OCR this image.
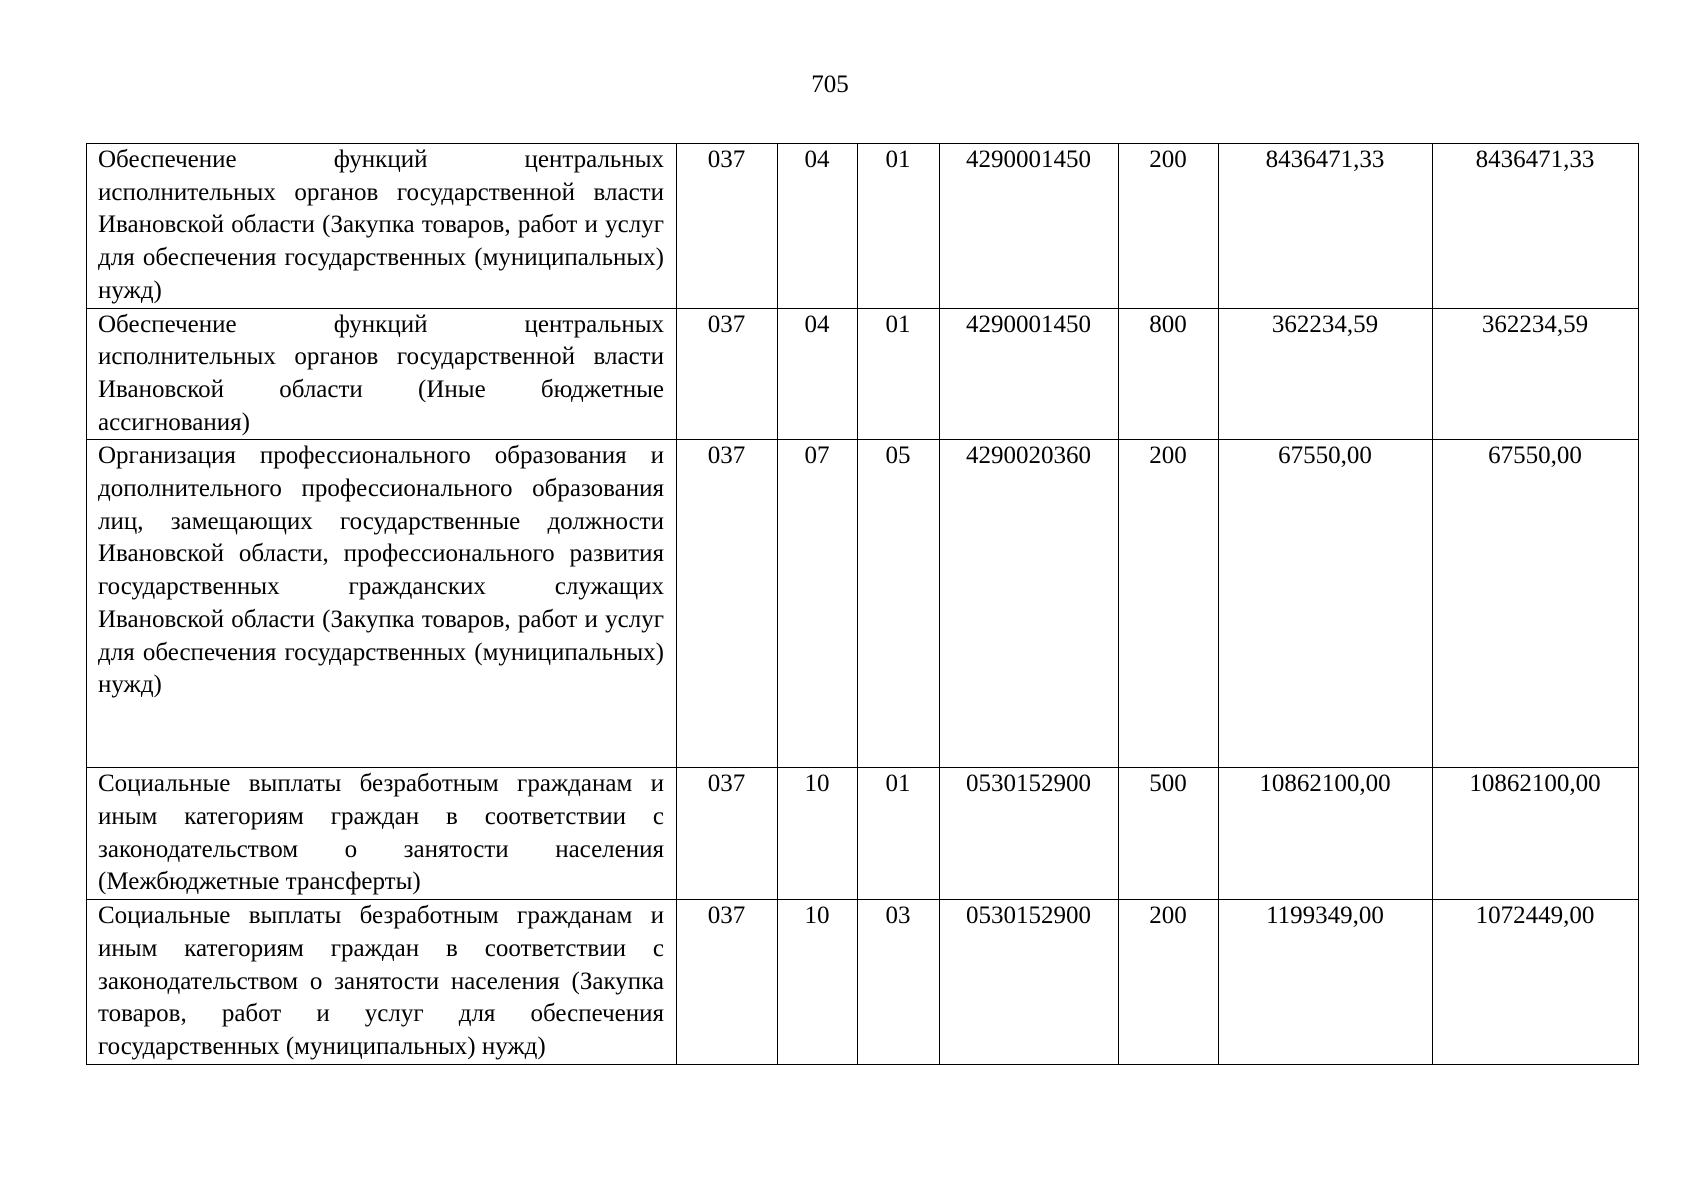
705
Обеспечение функций центральных исполнительных органов государственной власти Ивановской области (Закупка товаров, работ и услуг для обеспечения государственных (муниципальных) нужд)	037	04	01	4290001450	200	8436471,33	8436471,33
Обеспечение функций центральных исполнительных органов государственной власти Ивановской области (Иные бюджетные ассигнования)	037	04	01	4290001450	800	362234,59	362234,59
Организация профессионального образования и дополнительного профессионального образования лиц, замещающих государственные должности Ивановской области, профессионального развития государственных гражданских служащих Ивановской области (Закупка товаров, работ и услуг для обеспечения государственных (муниципальных) нужд)	037	07	05	4290020360	200	67550,00	67550,00
Социальные выплаты безработным гражданам и иным категориям граждан в соответствии с законодательством о занятости населения (Межбюджетные трансферты)	037	10	01	0530152900	500	10862100,00	10862100,00
Социальные выплаты безработным гражданам и иным категориям граждан в соответствии с законодательством о занятости населения (Закупка товаров, работ и услуг для обеспечения государственных (муниципальных) нужд)	037	10	03	0530152900	200	1199349,00	1072449,00
